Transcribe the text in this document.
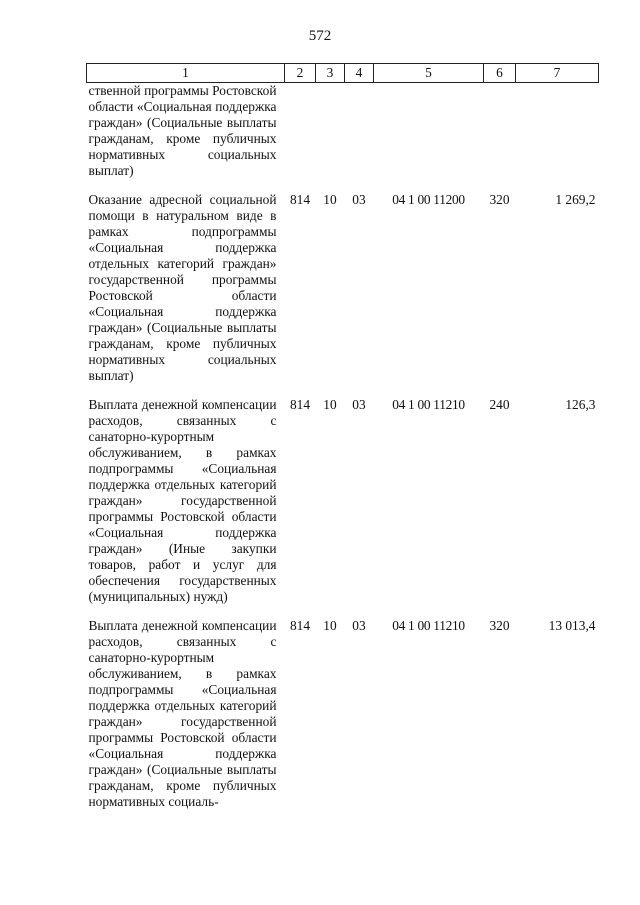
572
1	2	3	4	5	6	7
ственной программы Ростовской области «Социальная поддержка граждан» (Социальные выплаты гражданам, кроме публичных нормативных социальных выплат)						
Оказание адресной социальной помощи в натуральном виде в рамках подпрограммы «Социальная поддержка отдельных категорий граждан» государственной программы Ростовской области «Социальная поддержка граждан» (Социальные выплаты гражданам, кроме публичных нормативных социальных выплат)	814	10	03	04 1 00 11200	320	1 269,2
Выплата денежной компенсации расходов, связанных с санаторно-курортным обслуживанием, в рамках подпрограммы «Социальная поддержка отдельных категорий граждан» государственной программы Ростовской области «Социальная поддержка граждан» (Иные закупки товаров, работ и услуг для обеспечения государственных (муниципальных) нужд)	814	10	03	04 1 00 11210	240	126,3
Выплата денежной компенсации расходов, связанных с санаторно-курортным обслуживанием, в рамках подпрограммы «Социальная поддержка отдельных категорий граждан» государственной программы Ростовской области «Социальная поддержка граждан» (Социальные выплаты гражданам, кроме публичных нормативных социаль-	814	10	03	04 1 00 11210	320	13 013,4
